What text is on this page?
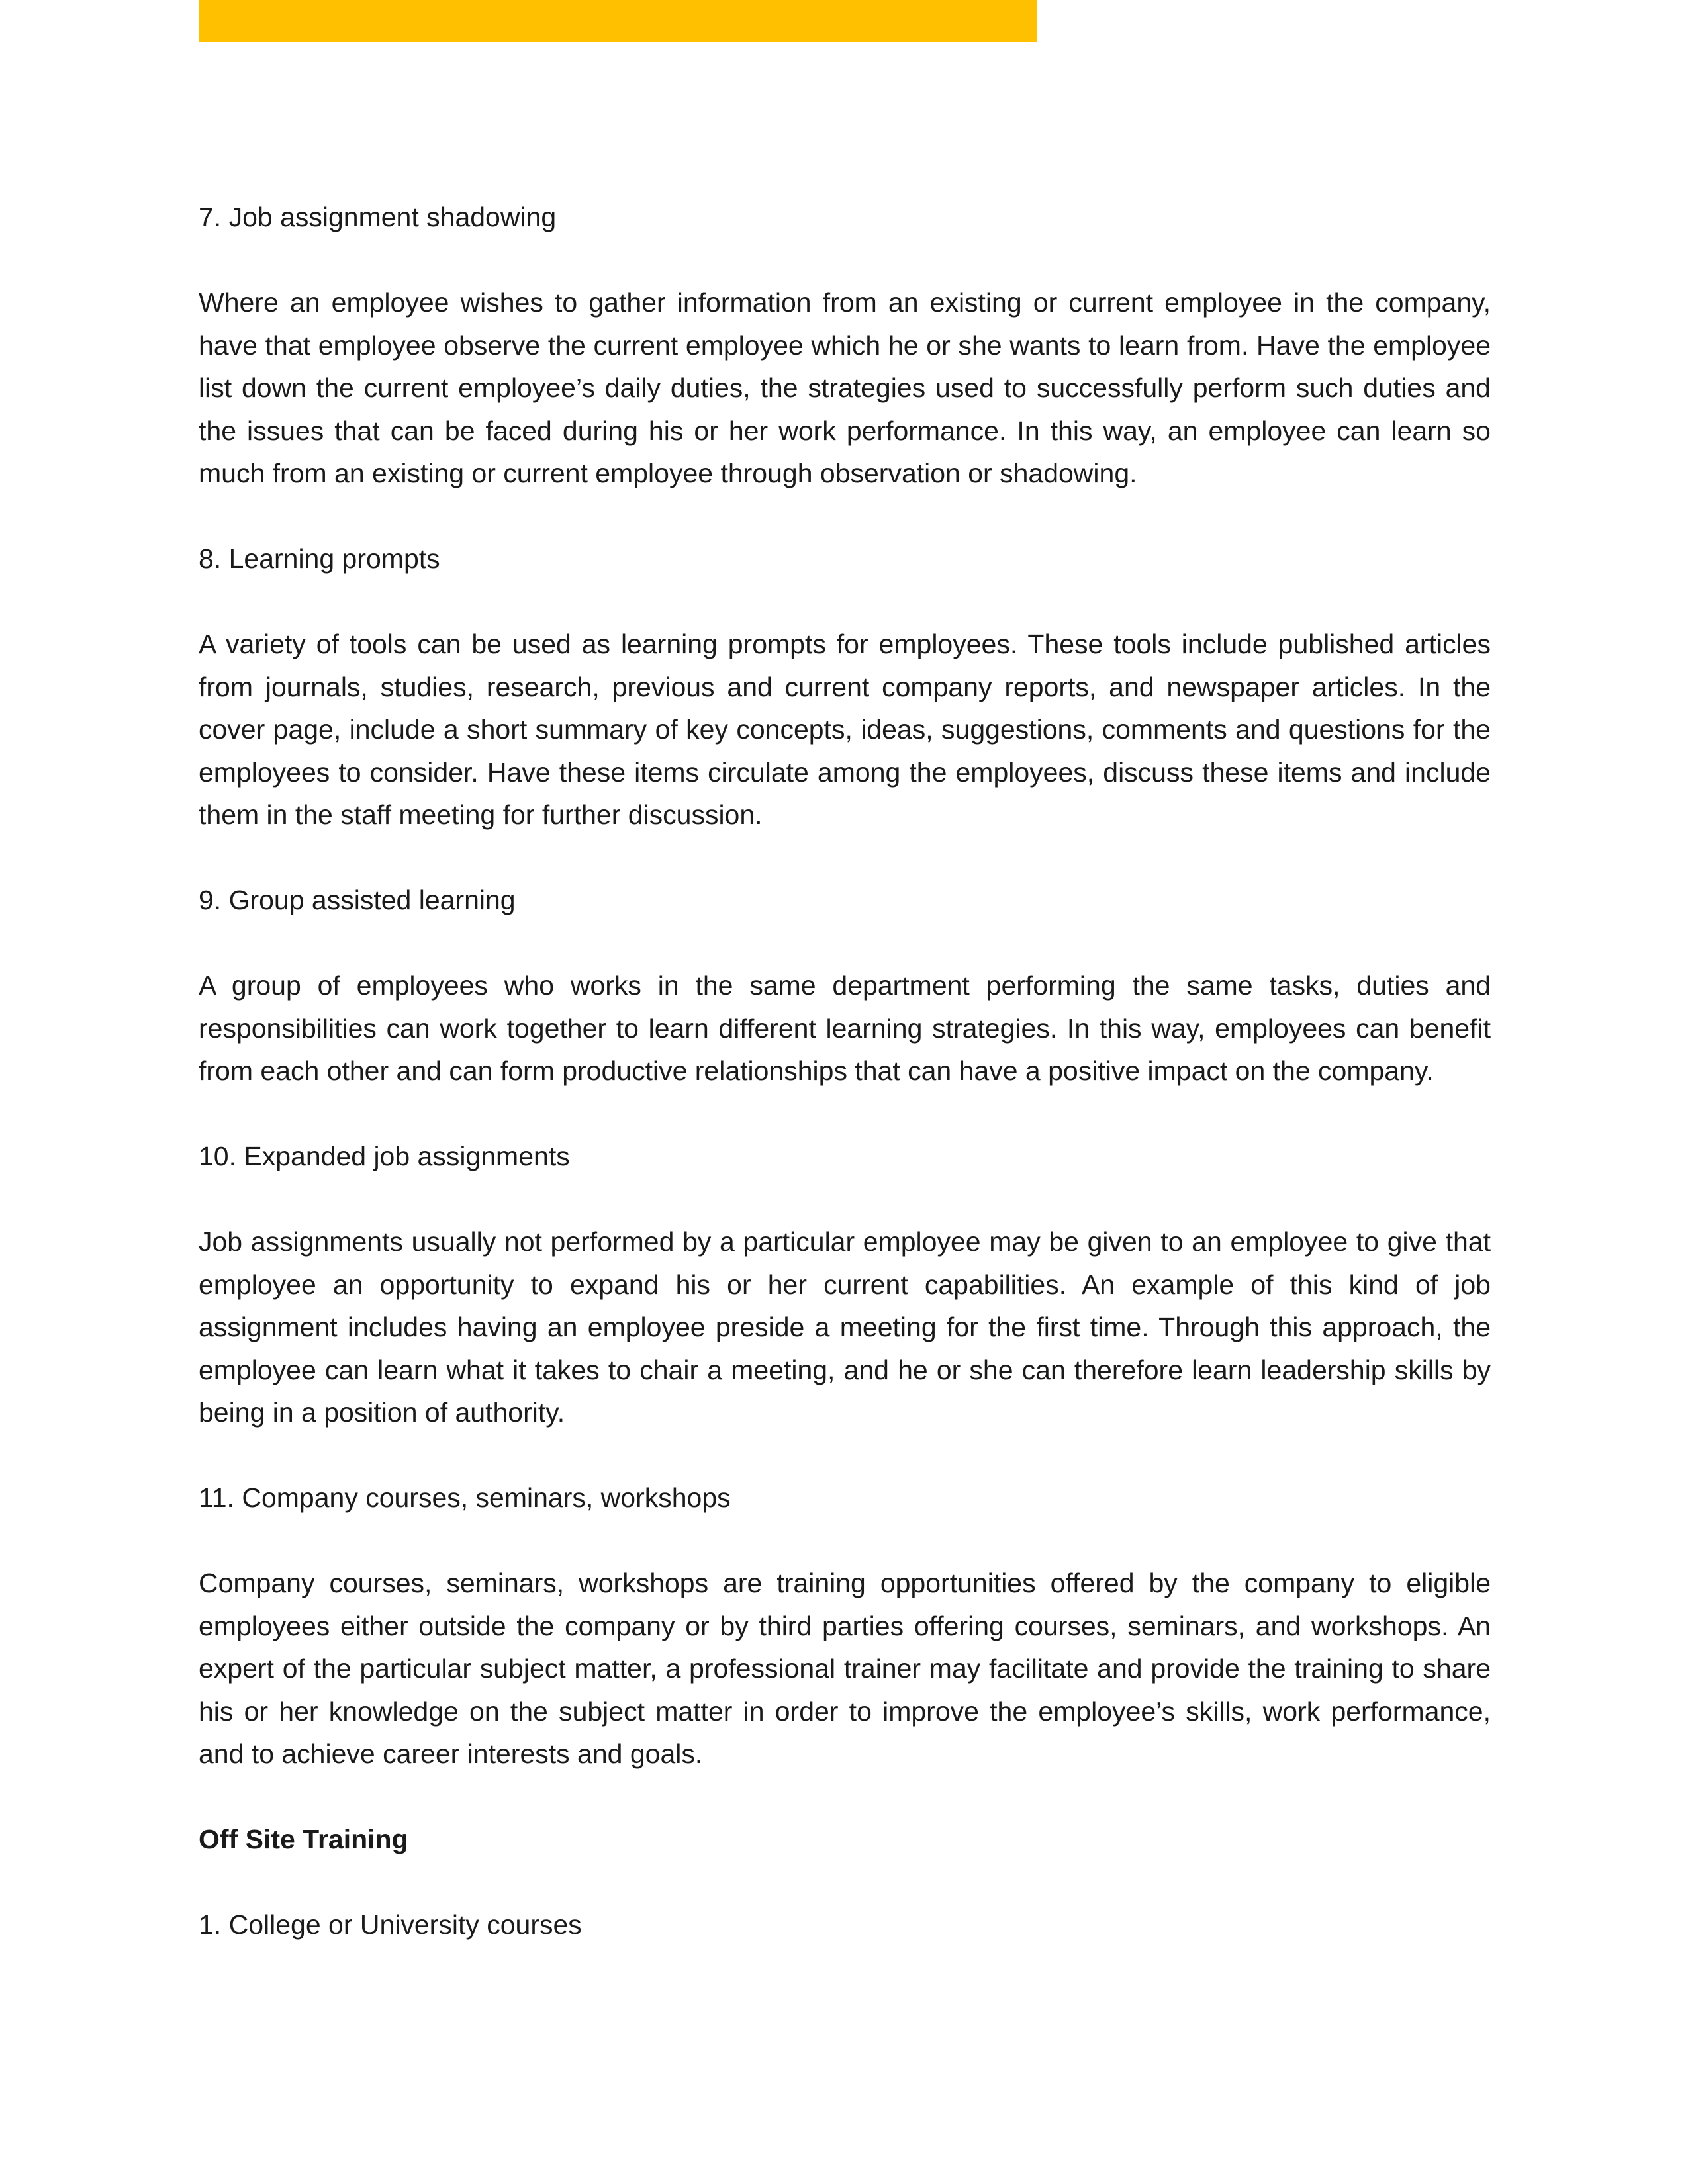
7. Job assignment shadowing

Where an employee wishes to gather information from an existing or current employee in the company, have that employee observe the current employee which he or she wants to learn from. Have the employee list down the current employee’s daily duties, the strategies used to successfully perform such duties and the issues that can be faced during his or her work performance. In this way, an employee can learn so much from an existing or current employee through observation or shadowing.

8. Learning prompts

A variety of tools can be used as learning prompts for employees. These tools include published articles from journals, studies, research, previous and current company reports, and newspaper articles. In the cover page, include a short summary of key concepts, ideas, suggestions, comments and questions for the employees to consider. Have these items circulate among the employees, discuss these items and include them in the staff meeting for further discussion.

9. Group assisted learning

A group of employees who works in the same department performing the same tasks, duties and responsibilities can work together to learn different learning strategies. In this way, employees can benefit from each other and can form productive relationships that can have a positive impact on the company.

10. Expanded job assignments

Job assignments usually not performed by a particular employee may be given to an employee to give that employee an opportunity to expand his or her current capabilities. An example of this kind of job assignment includes having an employee preside a meeting for the first time. Through this approach, the employee can learn what it takes to chair a meeting, and he or she can therefore learn leadership skills by being in a position of authority.

11. Company courses, seminars, workshops

Company courses, seminars, workshops are training opportunities offered by the company to eligible employees either outside the company or by third parties offering courses, seminars, and workshops. An expert of the particular subject matter, a professional trainer may facilitate and provide the training to share his or her knowledge on the subject matter in order to improve the employee’s skills, work performance, and to achieve career interests and goals.

Off Site Training

1. College or University courses
